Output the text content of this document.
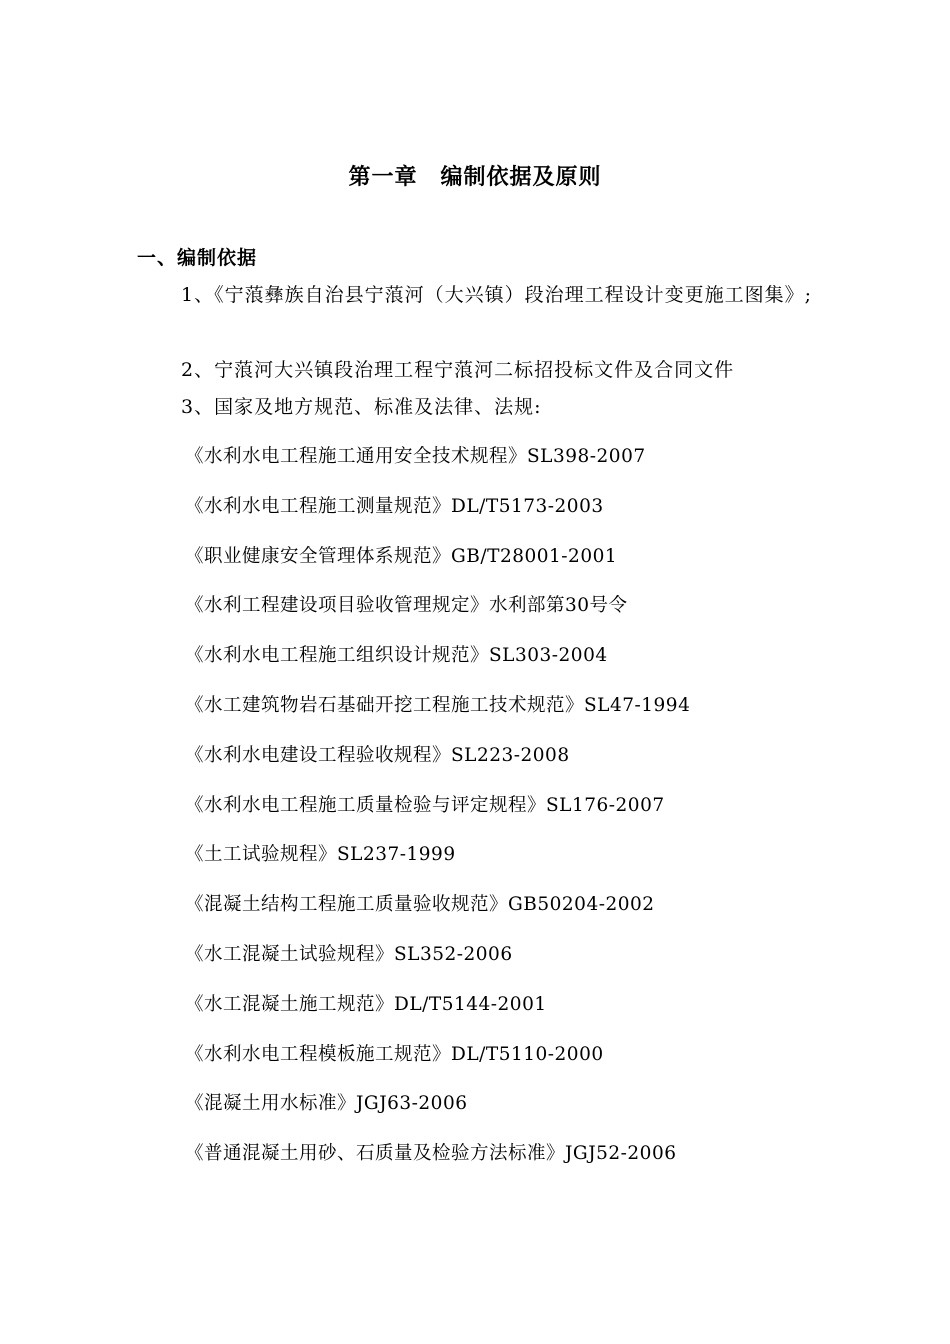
第一章　编制依据及原则
一、编制依据
1、《宁蒗彝族自治县宁蒗河（大兴镇）段治理工程设计变更施工图集》;
2、宁蒗河大兴镇段治理工程宁蒗河二标招投标文件及合同文件
3、国家及地方规范、标准及法律、法规:
《水利水电工程施工通用安全技术规程》SL398-2007
《水利水电工程施工测量规范》DL/T5173-2003
《职业健康安全管理体系规范》GB/T28001-2001
《水利工程建设项目验收管理规定》水利部第30号令
《水利水电工程施工组织设计规范》SL303-2004
《水工建筑物岩石基础开挖工程施工技术规范》SL47-1994
《水利水电建设工程验收规程》SL223-2008
《水利水电工程施工质量检验与评定规程》SL176-2007
《土工试验规程》SL237-1999
《混凝土结构工程施工质量验收规范》GB50204-2002
《水工混凝土试验规程》SL352-2006
《水工混凝土施工规范》DL/T5144-2001
《水利水电工程模板施工规范》DL/T5110-2000
《混凝土用水标准》JGJ63-2006
《普通混凝土用砂、石质量及检验方法标准》JGJ52-2006
